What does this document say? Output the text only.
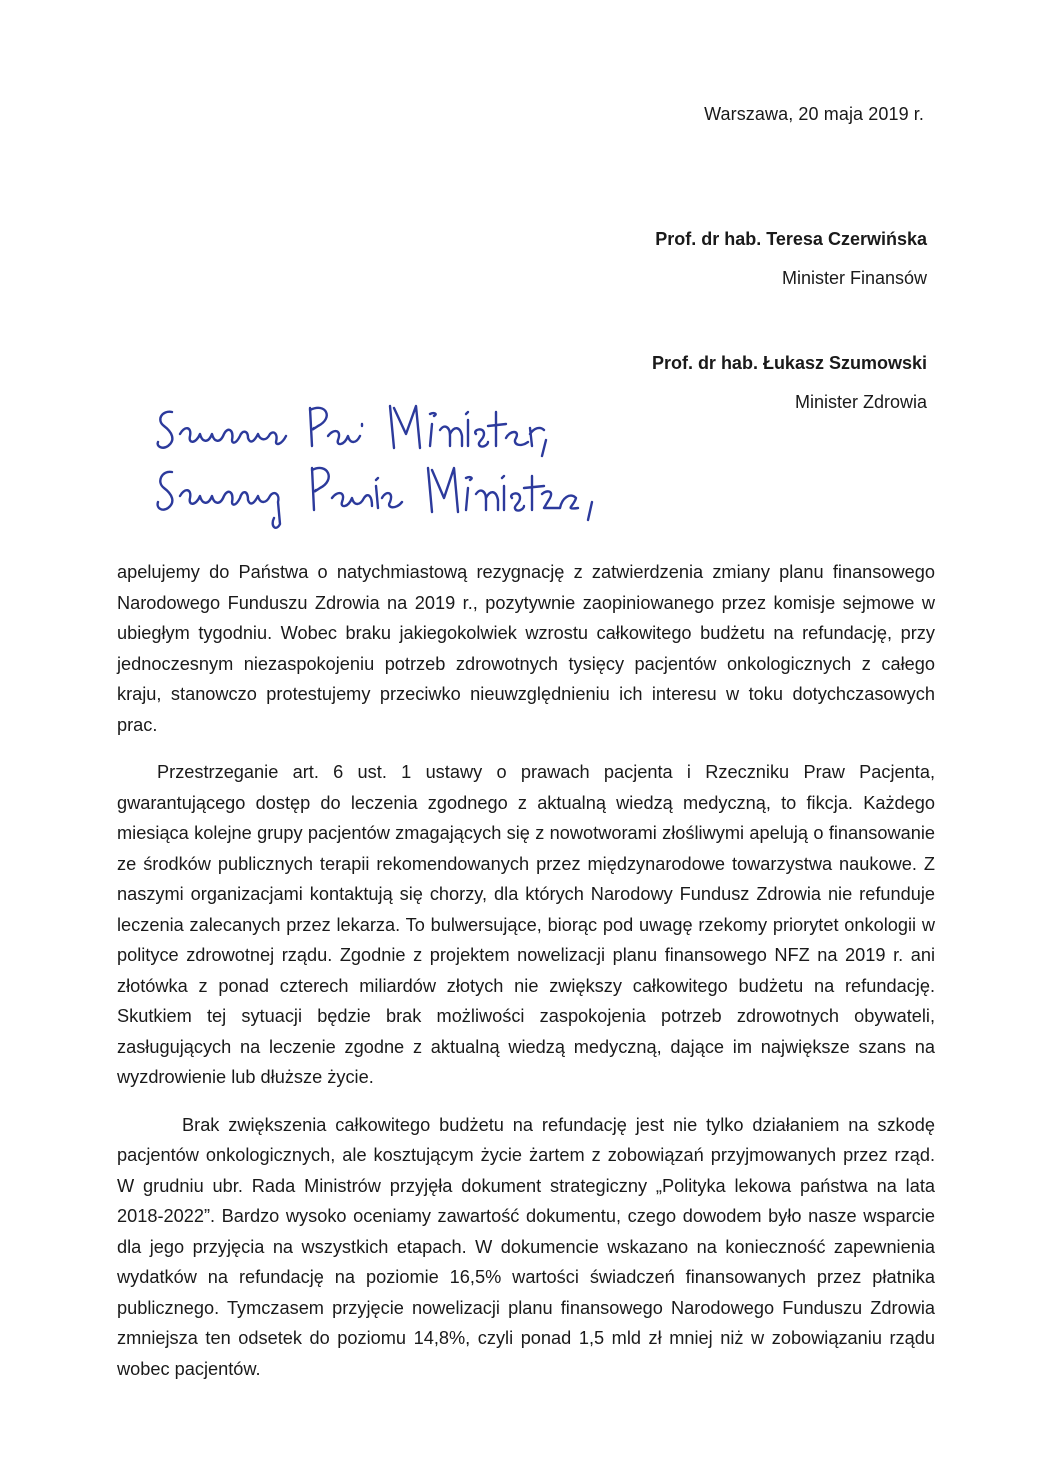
Warszawa, 20 maja 2019 r.
Prof. dr hab. Teresa Czerwińska
Minister Finansów
Prof. dr hab. Łukasz Szumowski
Minister Zdrowia

apelujemy do Państwa o natychmiastową rezygnację z zatwierdzenia zmiany planu finansowego Narodowego Funduszu Zdrowia na 2019 r., pozytywnie zaopiniowanego przez komisje sejmowe w ubiegłym tygodniu. Wobec braku jakiegokolwiek wzrostu całkowitego budżetu na refundację, przy jednoczesnym niezaspokojeniu potrzeb zdrowotnych tysięcy pacjentów onkologicznych z całego kraju, stanowczo protestujemy przeciwko nieuwzględnieniu ich interesu w toku dotychczasowych prac.

Przestrzeganie art. 6 ust. 1 ustawy o prawach pacjenta i Rzeczniku Praw Pacjenta, gwarantującego dostęp do leczenia zgodnego z aktualną wiedzą medyczną, to fikcja. Każdego miesiąca kolejne grupy pacjentów zmagających się z nowotworami złośliwymi apelują o finansowanie ze środków publicznych terapii rekomendowanych przez międzynarodowe towarzystwa naukowe. Z naszymi organizacjami kontaktują się chorzy, dla których Narodowy Fundusz Zdrowia nie refunduje leczenia zalecanych przez lekarza. To bulwersujące, biorąc pod uwagę rzekomy priorytet onkologii w polityce zdrowotnej rządu. Zgodnie z projektem nowelizacji planu finansowego NFZ na 2019 r. ani złotówka z ponad czterech miliardów złotych nie zwiększy całkowitego budżetu na refundację. Skutkiem tej sytuacji będzie brak możliwości zaspokojenia potrzeb zdrowotnych obywateli, zasługujących na leczenie zgodne z aktualną wiedzą medyczną, dające im największe szans na wyzdrowienie lub dłuższe życie.

Brak zwiększenia całkowitego budżetu na refundację jest nie tylko działaniem na szkodę pacjentów onkologicznych, ale kosztującym życie żartem z zobowiązań przyjmowanych przez rząd. W grudniu ubr. Rada Ministrów przyjęła dokument strategiczny „Polityka lekowa państwa na lata 2018-2022”. Bardzo wysoko oceniamy zawartość dokumentu, czego dowodem było nasze wsparcie dla jego przyjęcia na wszystkich etapach. W dokumencie wskazano na konieczność zapewnienia wydatków na refundację na poziomie 16,5% wartości świadczeń finansowanych przez płatnika publicznego. Tymczasem przyjęcie nowelizacji planu finansowego Narodowego Funduszu Zdrowia zmniejsza ten odsetek do poziomu 14,8%, czyli ponad 1,5 mld zł mniej niż w zobowiązaniu rządu wobec pacjentów.
